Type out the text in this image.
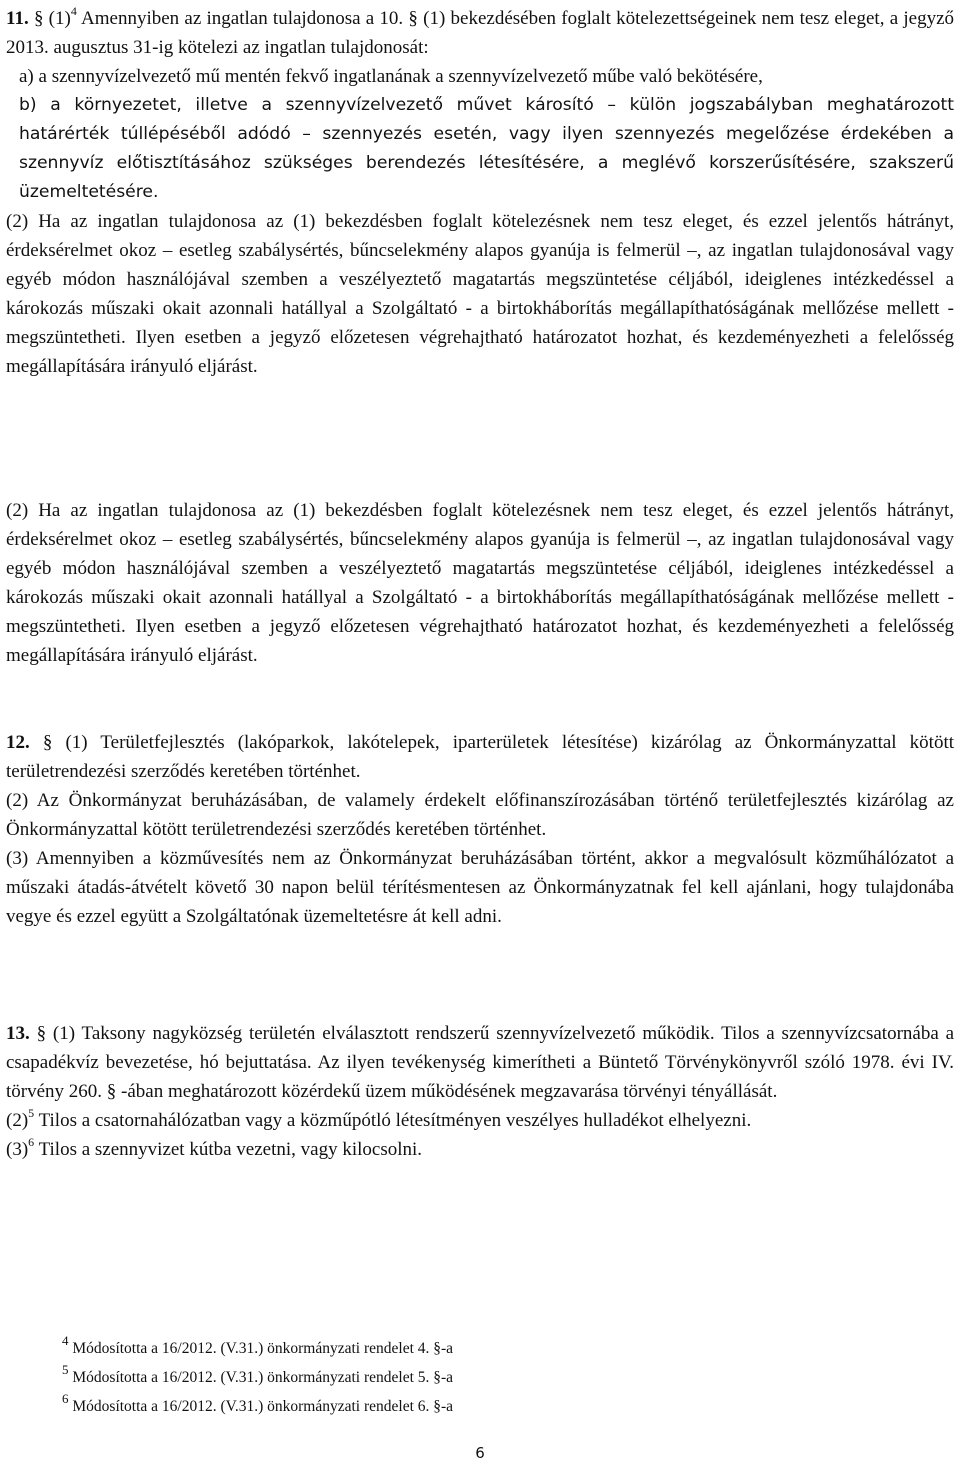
11. § $(1)^4$ Amennyiben az ingatlan tulajdonosa a 10. § (1) bekezdésében foglalt kötelezettségeinek nem tesz eleget, a jegyző 2013. augusztus 31-ig kötelezi az ingatlan tulajdonosát:

a) a szennyvízelvezető mű mentén fekvő ingatlanának a szennyvízelvezető műbe való bekötésére,

b) a környezetet, illetve a szennyvízelvezető művet károsító – külön jogszabályban meghatározott határérték túllépéséből adódó – szennyezés esetén, vagy ilyen szennyezés megelőzése érdekében a szennyvíz előtisztításához szükséges berendezés létesítésére, a meglévő korszerűsítésére, szakszerű üzemeltetésére.

(2) Ha az ingatlan tulajdonosa az (1) bekezdésben foglalt kötelezésnek nem tesz eleget, és ezzel jelentős hátrányt, érdeksérelmet okoz – esetleg szabálysértés, bűncselekmény alapos gyanúja is felmerül –, az ingatlan tulajdonosával vagy egyéb módon használójával szemben a veszélyeztető magatartás megszüntetése céljából, ideiglenes intézkedéssel a károkozás műszaki okait azonnali hatállyal a Szolgáltató - a birtokháborítás megállapíthatóságának mellőzése mellett - megszüntetheti. Ilyen esetben a jegyző előzetesen végrehajtható határozatot hozhat, és kezdeményezheti a felelősség megállapítására irányuló eljárást.

(2) Ha az ingatlan tulajdonosa az (1) bekezdésben foglalt kötelezésnek nem tesz eleget, és ezzel jelentős hátrányt, érdeksérelmet okoz – esetleg szabálysértés, bűncselekmény alapos gyanúja is felmerül –, az ingatlan tulajdonosával vagy egyéb módon használójával szemben a veszélyeztető magatartás megszüntetése céljából, ideiglenes intézkedéssel a károkozás műszaki okait azonnali hatállyal a Szolgáltató - a birtokháborítás megállapíthatóságának mellőzése mellett - megszüntetheti. Ilyen esetben a jegyző előzetesen végrehajtható határozatot hozhat, és kezdeményezheti a felelősség megállapítására irányuló eljárást.

12. § (1) Területfejlesztés (lakóparkok, lakótelepek, iparterületek létesítése) kizárólag az Önkormányzattal kötött területrendezési szerződés keretében történhet.

(2) Az Önkormányzat beruházásában, de valamely érdekelt előfinanszírozásában történő területfejlesztés kizárólag az Önkormányzattal kötött területrendezési szerződés keretében történhet.

(3) Amennyiben a közművesítés nem az Önkormányzat beruházásában történt, akkor a megvalósult közműhálózatot a műszaki átadás-átvételt követő 30 napon belül térítésmentesen az Önkormányzatnak fel kell ajánlani, hogy tulajdonába vegye és ezzel együtt a Szolgáltatónak üzemeltetésre át kell adni.

13. § (1) Taksony nagyközség területén elválasztott rendszerű szennyvízelvezető működik. Tilos a szennyvízcsatornába a csapadékvíz bevezetése, hó bejuttatása. Az ilyen tevékenység kimerítheti a Büntető Törvénykönyvről szóló 1978. évi IV. törvény 260. § -ában meghatározott közérdekű üzem működésének megzavarása törvényi tényállását.

$(2)^5$ Tilos a csatornahálózatban vagy a közműpótló létesítményen veszélyes hulladékot elhelyezni.

$(3)^6$ Tilos a szennyvizet kútba vezetni, vagy kilocsolni.

$^4$ Módosította a 16/2012. (V.31.) önkormányzati rendelet 4. §-a

$^5$ Módosította a 16/2012. (V.31.) önkormányzati rendelet 5. §-a

$^6$ Módosította a 16/2012. (V.31.) önkormányzati rendelet 6. §-a

6
